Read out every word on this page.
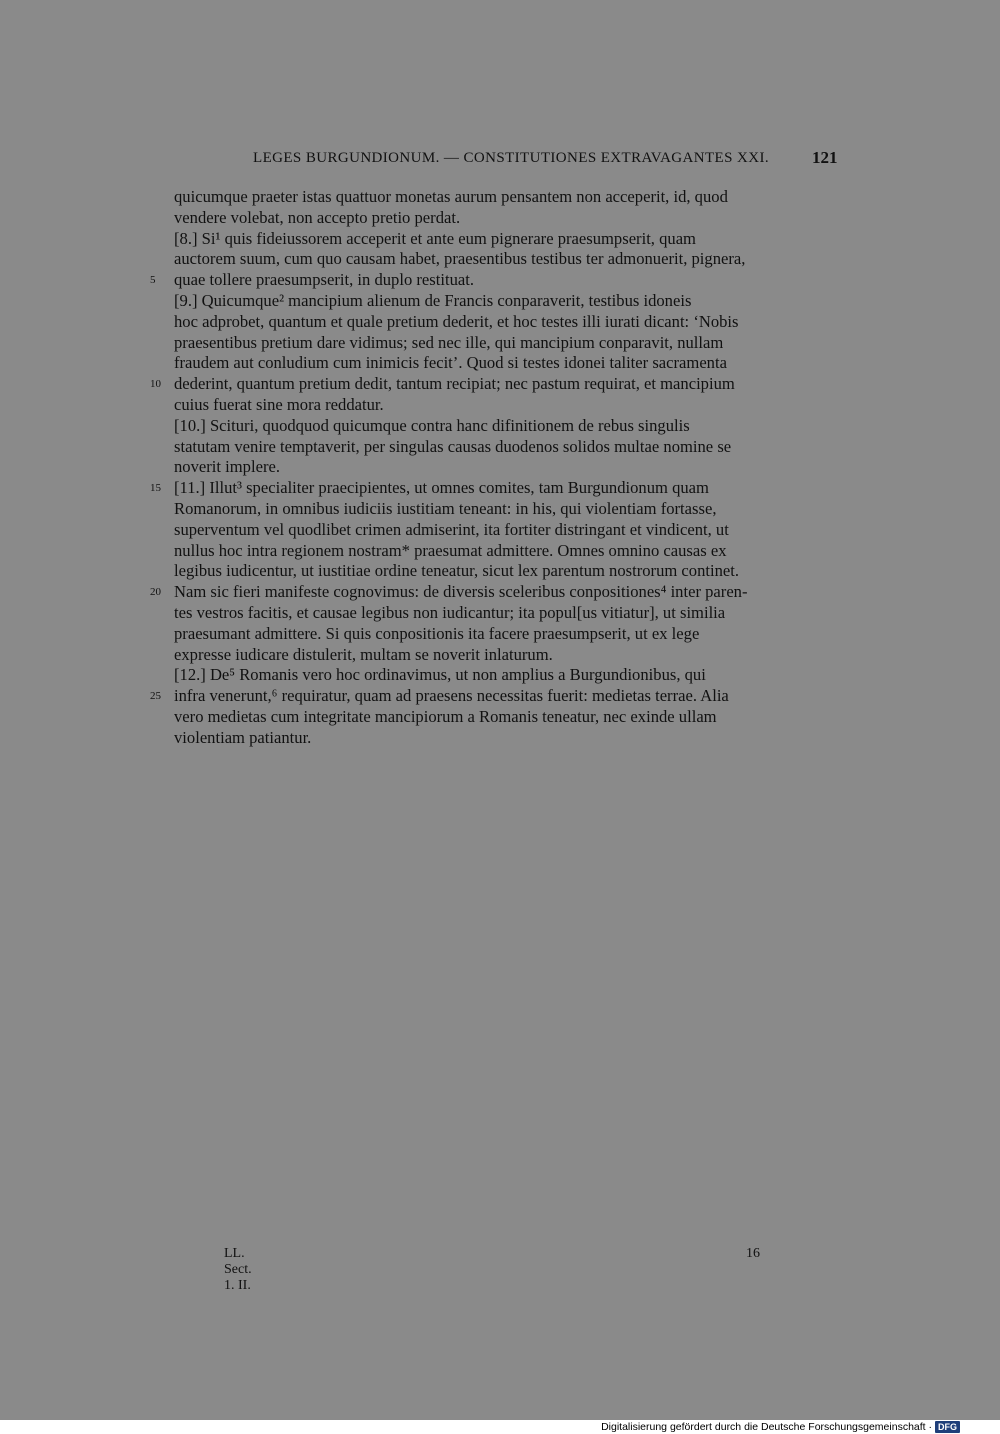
LEGES BURGUNDIONUM. — CONSTITUTIONES EXTRAVAGANTES XXI.	121
quicumque praeter istas quattuor monetas aurum pensantem non acceperit, id, quod
vendere volebat, non accepto pretio perdat.
[8.] Si¹ quis fideiussorem acceperit et ante eum pignerare praesumpserit, quam
auctorem suum, cum quo causam habet, praesentibus testibus ter admonuerit, pignera,
quae tollere praesumpserit, in duplo restituat.
[9.] Quicumque² mancipium alienum de Francis conparaverit, testibus idoneis
hoc adprobet, quantum et quale pretium dederit, et hoc testes illi iurati dicant: ‘Nobis
praesentibus pretium dare vidimus; sed nec ille, qui mancipium conparavit, nullam
fraudem aut conludium cum inimicis fecit’. Quod si testes idonei taliter sacramenta
dederint, quantum pretium dedit, tantum recipiat; nec pastum requirat, et mancipium
cuius fuerat sine mora reddatur.
[10.] Scituri, quodquod quicumque contra hanc difinitionem de rebus singulis
statutam venire temptaverit, per singulas causas duodenos solidos multae nomine se
noverit implere.
[11.] Illut³ specialiter praecipientes, ut omnes comites, tam Burgundionum quam
Romanorum, in omnibus iudiciis iustitiam teneant: in his, qui violentiam fortasse,
superventum vel quodlibet crimen admiserint, ita fortiter distringant et vindicent, ut
nullus hoc intra regionem nostram* praesumat admittere. Omnes omnino causas ex
legibus iudicentur, ut iustitiae ordine teneatur, sicut lex parentum nostrorum continet.
Nam sic fieri manifeste cognovimus: de diversis sceleribus conpositiones⁴ inter paren-
tes vestros facitis, et causae legibus non iudicantur; ita popul[us vitiatur], ut similia
praesumant admittere. Si quis conpositionis ita facere praesumpserit, ut ex lege
expresse iudicare distulerit, multam se noverit inlaturum.
[12.] De⁵ Romanis vero hoc ordinavimus, ut non amplius a Burgundionibus, qui
infra venerunt,⁶ requiratur, quam ad praesens necessitas fuerit: medietas terrae. Alia
vero medietas cum integritate mancipiorum a Romanis teneatur, nec exinde ullam
violentiam patiantur.
5
10
15
20
25
LL. Sect. 1. II.
16
Digitalisierung gefördert durch die Deutsche Forschungsgemeinschaft · DFG
